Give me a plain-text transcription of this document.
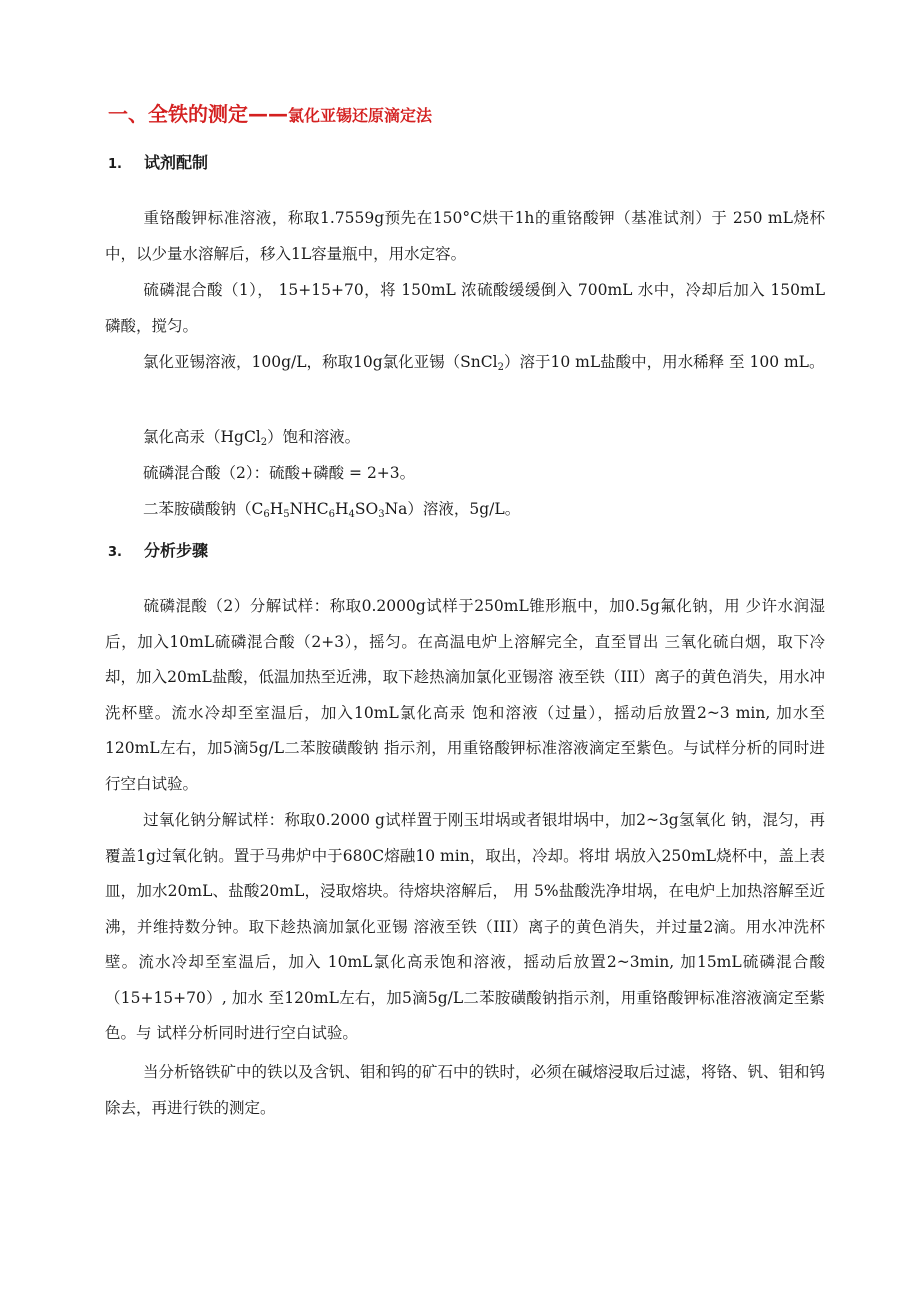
一、全铁的测定——氯化亚锡还原滴定法
1. 试剂配制
重铬酸钾标准溶液，称取1.7559g预先在150°C烘干1h的重铬酸钾（基准试剂）于 250 mL烧杯中，以少量水溶解后，移入1L容量瓶中，用水定容。
硫磷混合酸（1）， 15+15+70，将 150mL 浓硫酸缓缓倒入 700mL 水中，冷却后加入 150mL 磷酸，搅匀。
氯化亚锡溶液，100g/L，称取10g氯化亚锡（SnCl$_2$）溶于10 mL盐酸中，用水稀释 至 100 mL。
氯化高汞（HgCl$_2$）饱和溶液。
硫磷混合酸（2）：硫酸+磷酸 = 2+3。
二苯胺磺酸钠$(C_6H_5NHC_6H_4SO_3Na)$溶液，5g/L。
3. 分析步骤
硫磷混酸（2）分解试样：称取0.2000g试样于250mL锥形瓶中，加0.5g氟化钠，用 少许水润湿后，加入10mL硫磷混合酸（2+3），摇匀。在高温电炉上溶解完全，直至冒出 三氧化硫白烟，取下冷却，加入20mL盐酸，低温加热至近沸，取下趁热滴加氯化亚锡溶 液至铁（III）离子的黄色消失，用水冲洗杯壁。流水冷却至室温后，加入10mL氯化高汞 饱和溶液（过量），摇动后放置2~3 min, 加水至120mL左右，加5滴5g/L二苯胺磺酸钠 指示剂，用重铬酸钾标准溶液滴定至紫色。与试样分析的同时进行空白试验。
过氧化钠分解试样：称取0.2000 g试样置于刚玉坩埚或者银坩埚中，加2~3g氢氧化 钠，混匀，再覆盖1g过氧化钠。置于马弗炉中于680C熔融10 min，取出，冷却。将坩 埚放入250mL烧杯中，盖上表皿，加水20mL、盐酸20mL，浸取熔块。待熔块溶解后， 用 5%盐酸洗净坩埚，在电炉上加热溶解至近沸，并维持数分钟。取下趁热滴加氯化亚锡 溶液至铁（III）离子的黄色消失，并过量2滴。用水冲洗杯壁。流水冷却至室温后，加入 10mL氯化高汞饱和溶液，摇动后放置2~3min, 加15mL硫磷混合酸（15+15+70）, 加水 至120mL左右，加5滴5g/L二苯胺磺酸钠指示剂，用重铬酸钾标准溶液滴定至紫色。与 试样分析同时进行空白试验。
当分析铬铁矿中的铁以及含钒、钼和钨的矿石中的铁时，必须在碱熔浸取后过滤，将铬、钒、钼和钨除去，再进行铁的测定。
